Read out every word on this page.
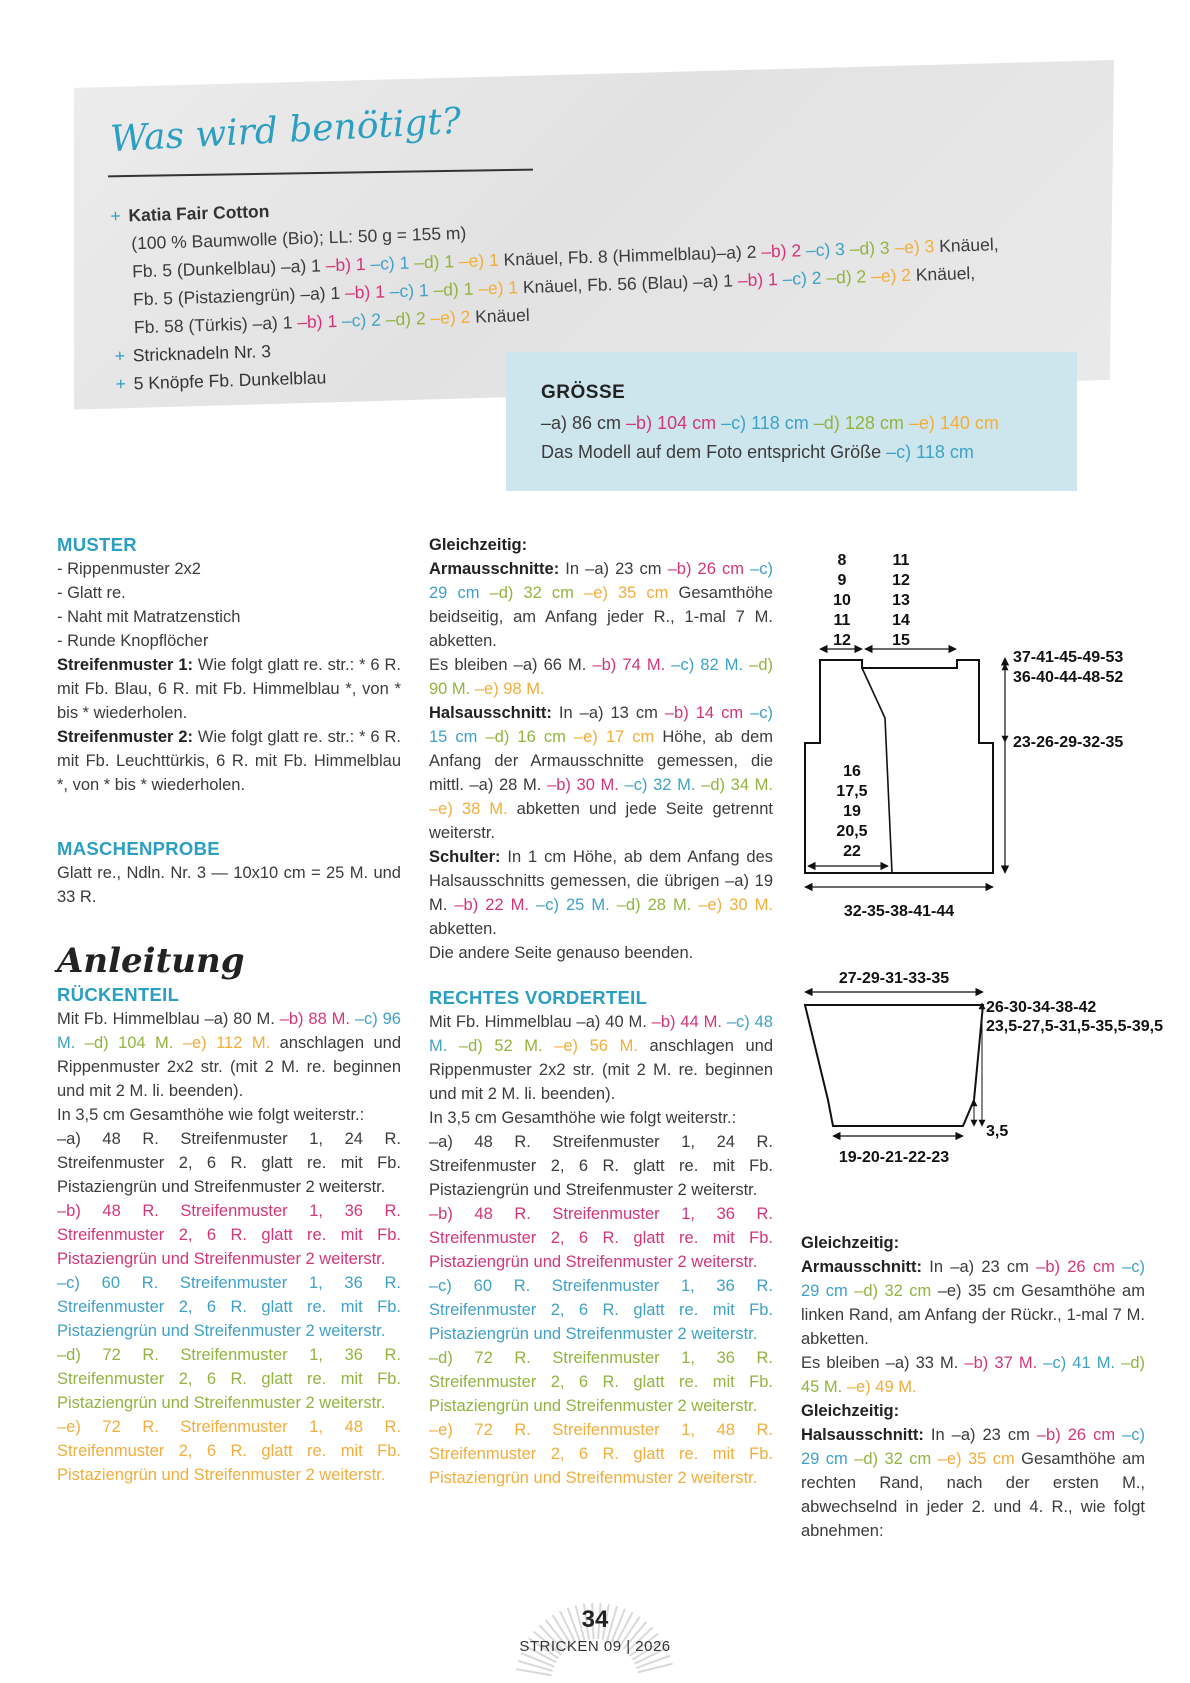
Was wird benötigt?
+ Katia Fair Cotton
(100 % Baumwolle (Bio); LL: 50 g = 155 m)
Fb. 5 (Dunkelblau) –a) 1 –b) 1 –c) 1 –d) 1 –e) 1 Knäuel, Fb. 8 (Himmelblau)–a) 2 –b) 2 –c) 3 –d) 3 –e) 3 Knäuel,
Fb. 5 (Pistaziengrün) –a) 1 –b) 1 –c) 1 –d) 1 –e) 1 Knäuel, Fb. 56 (Blau) –a) 1 –b) 1 –c) 2 –d) 2 –e) 2 Knäuel,
Fb. 58 (Türkis) –a) 1 –b) 1 –c) 2 –d) 2 –e) 2 Knäuel
+ Stricknadeln Nr. 3
+ 5 Knöpfe Fb. Dunkelblau	GRÖSSE
–a) 86 cm –b) 104 cm –c) 118 cm –d) 128 cm –e) 140 cm
Das Modell auf dem Foto entspricht Größe –c) 118 cm
MUSTER

- Rippenmuster 2x2

- Glatt re.

- Naht mit Matratzenstich

- Runde Knopflöcher

Streifenmuster 1: Wie folgt glatt re. str.: * 6 R. mit Fb. Blau, 6 R. mit Fb. Himmelblau *, von * bis * wiederholen.

Streifenmuster 2: Wie folgt glatt re. str.: * 6 R. mit Fb. Leuchttürkis, 6 R. mit Fb. Himmelblau *, von * bis * wiederholen.

MASCHENPROBE

Glatt re., Ndln. Nr. 3 — 10x10 cm = 25 M. und 33 R.

Anleitung
RÜCKENTEIL

Mit Fb. Himmelblau –a) 80 M. –b) 88 M. –c) 96 M. –d) 104 M. –e) 112 M. anschlagen und Rippenmuster 2x2 str. (mit 2 M. re. beginnen und mit 2 M. li. beenden).

In 3,5 cm Gesamthöhe wie folgt weiterstr.:

–a) 48 R. Streifenmuster 1, 24 R. Streifenmuster 2, 6 R. glatt re. mit Fb. Pistaziengrün und Streifenmuster 2 weiterstr.

–b) 48 R. Streifenmuster 1, 36 R. Streifenmuster 2, 6 R. glatt re. mit Fb. Pistaziengrün und Streifenmuster 2 weiterstr.

–c) 60 R. Streifenmuster 1, 36 R. Streifenmuster 2, 6 R. glatt re. mit Fb. Pistaziengrün und Streifenmuster 2 weiterstr.

–d) 72 R. Streifenmuster 1, 36 R. Streifenmuster 2, 6 R. glatt re. mit Fb. Pistaziengrün und Streifenmuster 2 weiterstr.

–e) 72 R. Streifenmuster 1, 48 R. Streifenmuster 2, 6 R. glatt re. mit Fb. Pistaziengrün und Streifenmuster 2 weiterstr.

Gleichzeitig:

Armausschnitte: In –a) 23 cm –b) 26 cm –c) 29 cm –d) 32 cm –e) 35 cm Gesamthöhe beidseitig, am Anfang jeder R., 1-mal 7 M. abketten.

Es bleiben –a) 66 M. –b) 74 M. –c) 82 M. –d) 90 M. –e) 98 M.

Halsausschnitt: In –a) 13 cm –b) 14 cm –c) 15 cm –d) 16 cm –e) 17 cm Höhe, ab dem Anfang der Armausschnitte gemessen, die mittl. –a) 28 M. –b) 30 M. –c) 32 M. –d) 34 M. –e) 38 M. abketten und jede Seite getrennt weiterstr.

Schulter: In 1 cm Höhe, ab dem Anfang des Halsausschnitts gemessen, die übrigen –a) 19 M. –b) 22 M. –c) 25 M. –d) 28 M. –e) 30 M. abketten.

Die andere Seite genauso beenden.

RECHTES VORDERTEIL

Mit Fb. Himmelblau –a) 40 M. –b) 44 M. –c) 48 M. –d) 52 M. –e) 56 M. anschlagen und Rippenmuster 2x2 str. (mit 2 M. re. beginnen und mit 2 M. li. beenden).

In 3,5 cm Gesamthöhe wie folgt weiterstr.:

–a) 48 R. Streifenmuster 1, 24 R. Streifenmuster 2, 6 R. glatt re. mit Fb. Pistaziengrün und Streifenmuster 2 weiterstr.

–b) 48 R. Streifenmuster 1, 36 R. Streifenmuster 2, 6 R. glatt re. mit Fb. Pistaziengrün und Streifenmuster 2 weiterstr.

–c) 60 R. Streifenmuster 1, 36 R. Streifenmuster 2, 6 R. glatt re. mit Fb. Pistaziengrün und Streifenmuster 2 weiterstr.

–d) 72 R. Streifenmuster 1, 36 R. Streifenmuster 2, 6 R. glatt re. mit Fb. Pistaziengrün und Streifenmuster 2 weiterstr.

–e) 72 R. Streifenmuster 1, 48 R. Streifenmuster 2, 6 R. glatt re. mit Fb. Pistaziengrün und Streifenmuster 2 weiterstr.

Gleichzeitig:

Armausschnitt: In –a) 23 cm –b) 26 cm –c) 29 cm –d) 32 cm –e) 35 cm Gesamthöhe am linken Rand, am Anfang der Rückr., 1-mal 7 M. abketten.

Es bleiben –a) 33 M. –b) 37 M. –c) 41 M. –d) 45 M. –e) 49 M.

Gleichzeitig:

Halsausschnitt: In –a) 23 cm –b) 26 cm –c) 29 cm –d) 32 cm –e) 35 cm Gesamthöhe am rechten Rand, nach der ersten M., abwechselnd in jeder 2. und 4. R., wie folgt abnehmen:

8 9 10 11 12
11 12 13 14 15
16 17,5 19 20,5 22
32-35-38-41-44
37-41-45-49-53
36-40-44-48-52
23-26-29-32-35
27-29-31-33-35
26-30-34-38-42
23,5-27,5-31,5-35,5-39,5
3,5
19-20-21-22-23
34
STRICKEN 09 | 2026
